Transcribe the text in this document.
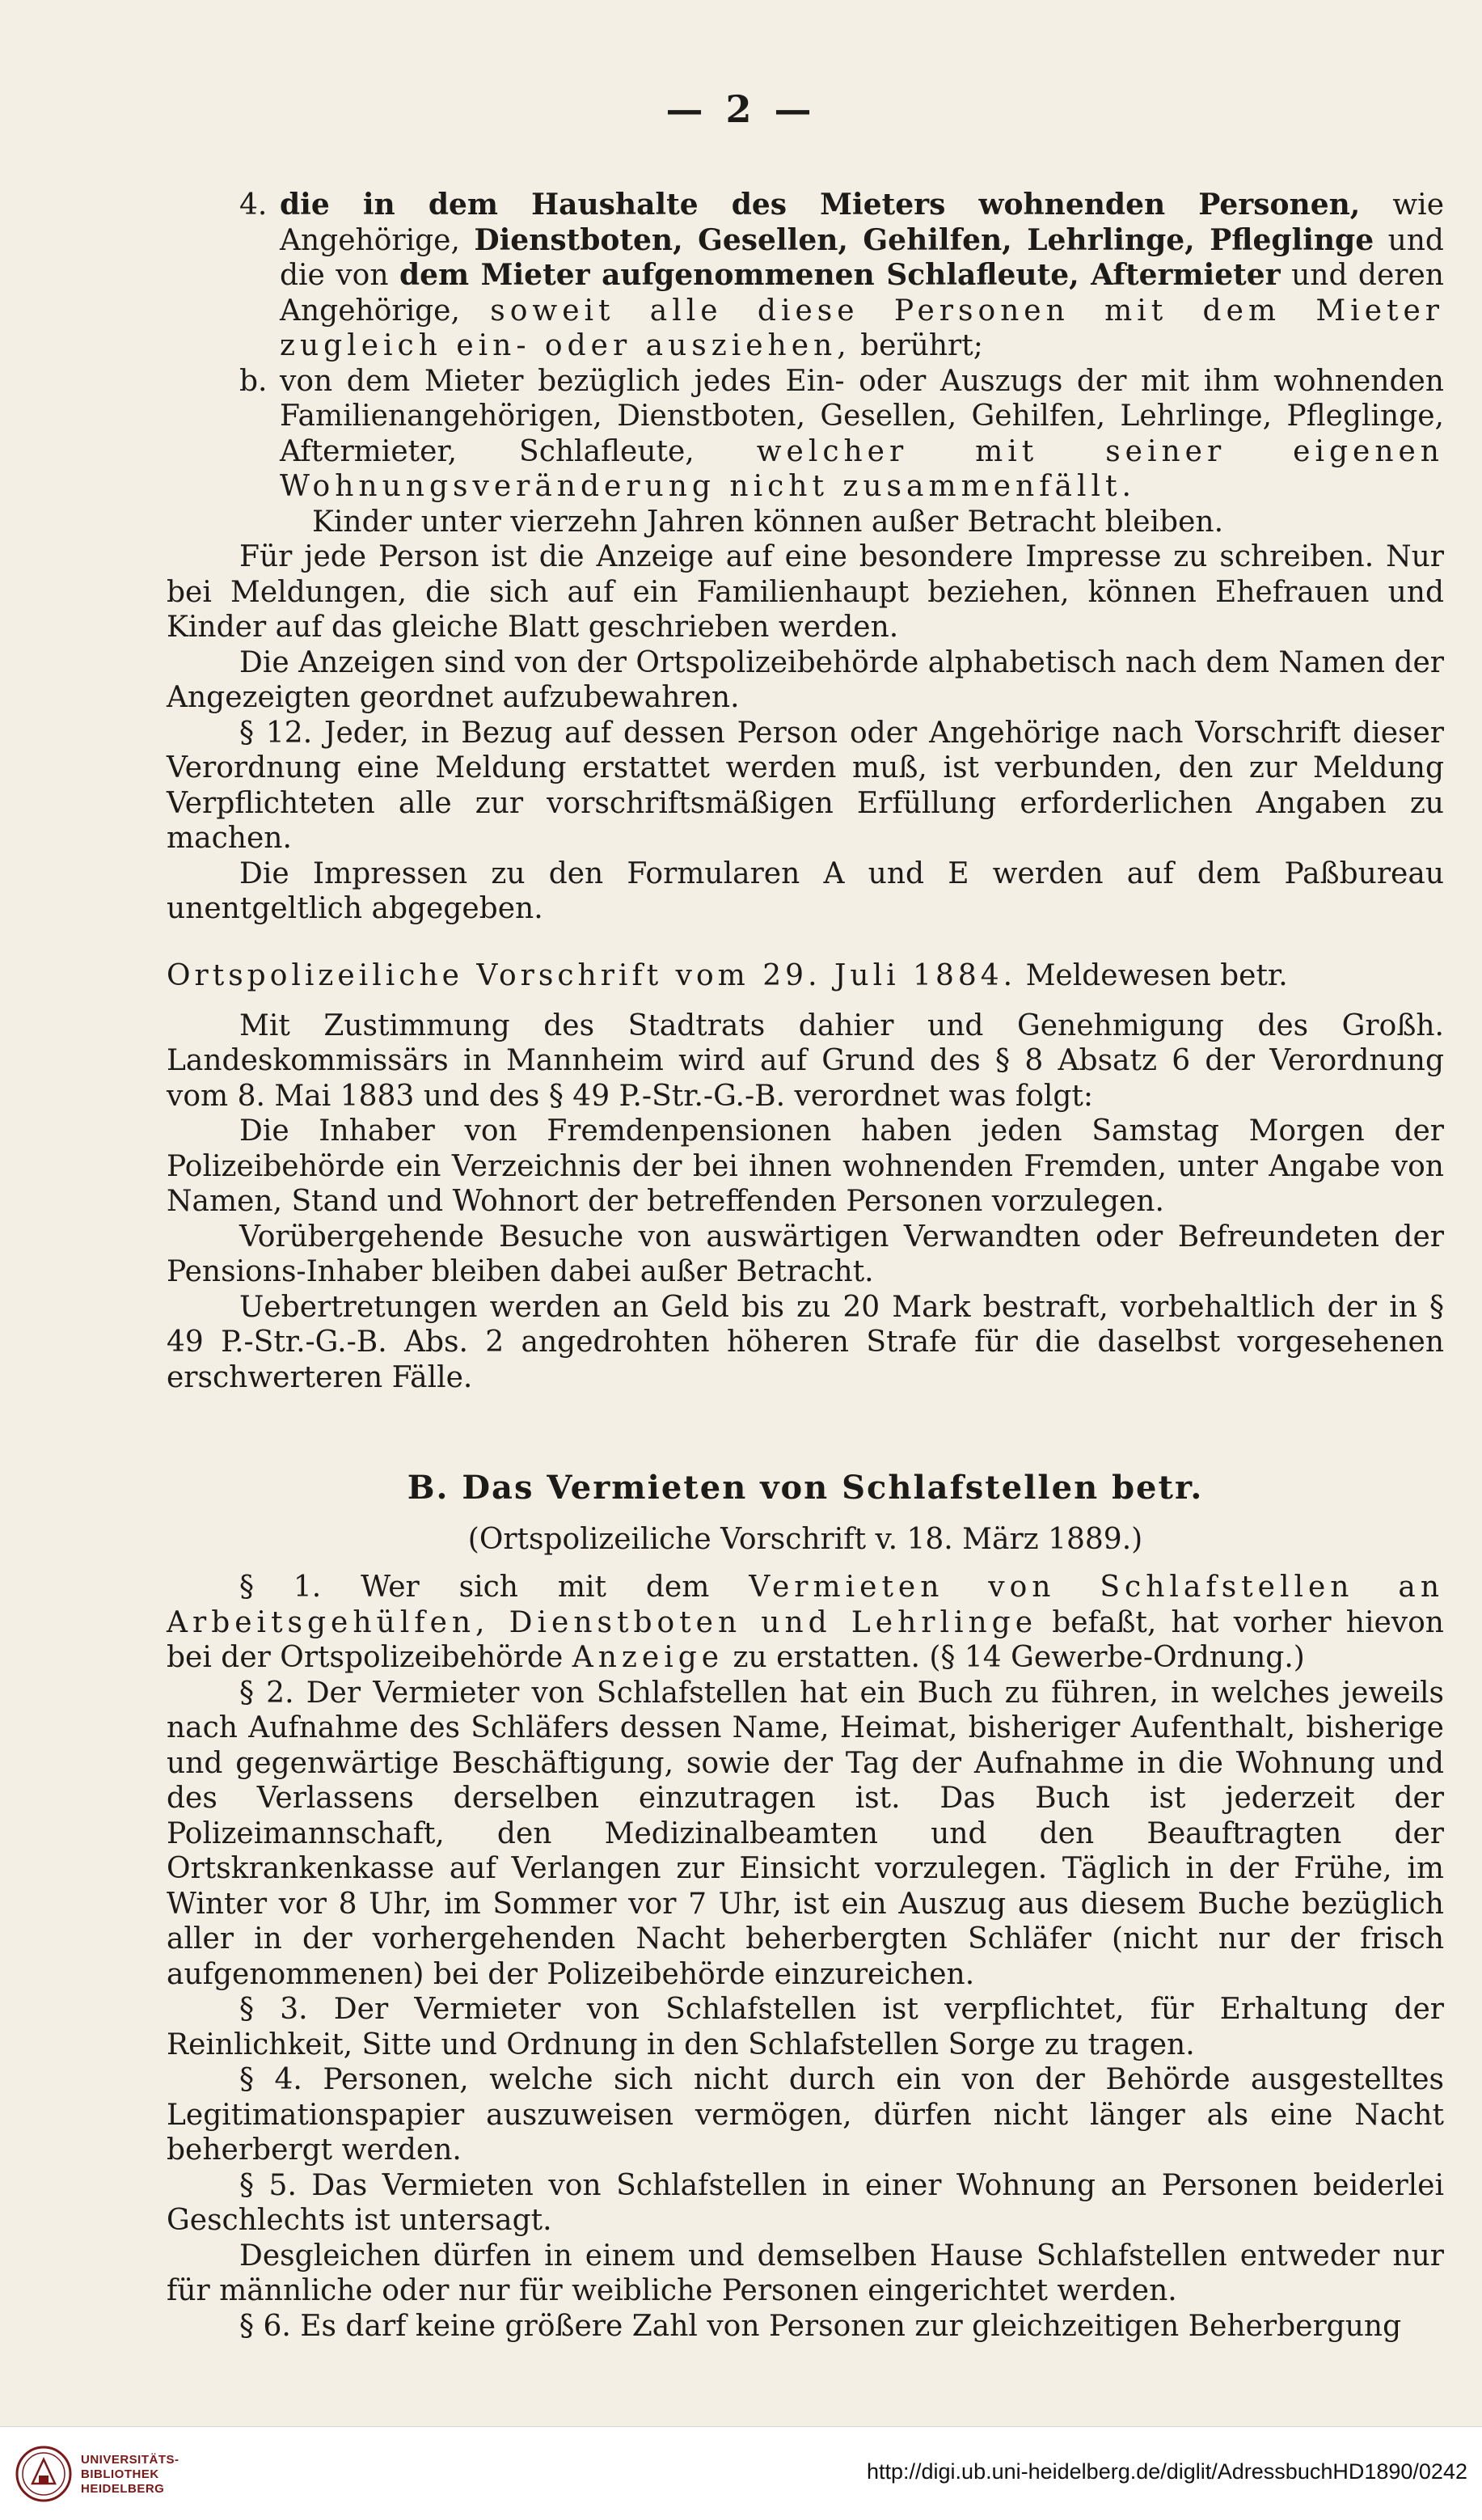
— 2 —

4. die in dem Haushalte des Mieters wohnenden Personen, wie Angehörige, Dienstboten, Gesellen, Gehilfen, Lehrlinge, Pfleglinge und die von dem Mieter aufgenommenen Schlafleute, Aftermieter und deren Angehörige, soweit alle diese Personen mit dem Mieter zugleich ein- oder ausziehen, berührt;

b. von dem Mieter bezüglich jedes Ein- oder Auszugs der mit ihm wohnenden Familienangehörigen, Dienstboten, Gesellen, Gehilfen, Lehrlinge, Pfleglinge, Aftermieter, Schlafleute, welcher mit seiner eigenen Wohnungsveränderung nicht zusammenfällt.

Kinder unter vierzehn Jahren können außer Betracht bleiben.

Für jede Person ist die Anzeige auf eine besondere Impresse zu schreiben. Nur bei Meldungen, die sich auf ein Familienhaupt beziehen, können Ehefrauen und Kinder auf das gleiche Blatt geschrieben werden.

Die Anzeigen sind von der Ortspolizeibehörde alphabetisch nach dem Namen der Angezeigten geordnet aufzubewahren.

§ 12. Jeder, in Bezug auf dessen Person oder Angehörige nach Vorschrift dieser Verordnung eine Meldung erstattet werden muß, ist verbunden, den zur Meldung Verpflichteten alle zur vorschriftsmäßigen Erfüllung erforderlichen Angaben zu machen.

Die Impressen zu den Formularen A und E werden auf dem Paßbureau unentgeltlich abgegeben.

Ortspolizeiliche Vorschrift vom 29. Juli 1884. Meldewesen betr.

Mit Zustimmung des Stadtrats dahier und Genehmigung des Großh. Landeskommissärs in Mannheim wird auf Grund des § 8 Absatz 6 der Verordnung vom 8. Mai 1883 und des § 49 P.-Str.-G.-B. verordnet was folgt:

Die Inhaber von Fremdenpensionen haben jeden Samstag Morgen der Polizeibehörde ein Verzeichnis der bei ihnen wohnenden Fremden, unter Angabe von Namen, Stand und Wohnort der betreffenden Personen vorzulegen.

Vorübergehende Besuche von auswärtigen Verwandten oder Befreundeten der Pensions-Inhaber bleiben dabei außer Betracht.

Uebertretungen werden an Geld bis zu 20 Mark bestraft, vorbehaltlich der in § 49 P.-Str.-G.-B. Abs. 2 angedrohten höheren Strafe für die daselbst vorgesehenen erschwerteren Fälle.

B. Das Vermieten von Schlafstellen betr.

(Ortspolizeiliche Vorschrift v. 18. März 1889.)

§ 1. Wer sich mit dem Vermieten von Schlafstellen an Arbeitsgehülfen, Dienstboten und Lehrlinge befaßt, hat vorher hievon bei der Ortspolizeibehörde Anzeige zu erstatten. (§ 14 Gewerbe-Ordnung.)

§ 2. Der Vermieter von Schlafstellen hat ein Buch zu führen, in welches jeweils nach Aufnahme des Schläfers dessen Name, Heimat, bisheriger Aufenthalt, bisherige und gegenwärtige Beschäftigung, sowie der Tag der Aufnahme in die Wohnung und des Verlassens derselben einzutragen ist. Das Buch ist jederzeit der Polizeimannschaft, den Medizinalbeamten und den Beauftragten der Ortskrankenkasse auf Verlangen zur Einsicht vorzulegen. Täglich in der Frühe, im Winter vor 8 Uhr, im Sommer vor 7 Uhr, ist ein Auszug aus diesem Buche bezüglich aller in der vorhergehenden Nacht beherbergten Schläfer (nicht nur der frisch aufgenommenen) bei der Polizeibehörde einzureichen.

§ 3. Der Vermieter von Schlafstellen ist verpflichtet, für Erhaltung der Reinlichkeit, Sitte und Ordnung in den Schlafstellen Sorge zu tragen.

§ 4. Personen, welche sich nicht durch ein von der Behörde ausgestelltes Legitimationspapier auszuweisen vermögen, dürfen nicht länger als eine Nacht beherbergt werden.

§ 5. Das Vermieten von Schlafstellen in einer Wohnung an Personen beiderlei Geschlechts ist untersagt.

Desgleichen dürfen in einem und demselben Hause Schlafstellen entweder nur für männliche oder nur für weibliche Personen eingerichtet werden.

§ 6. Es darf keine größere Zahl von Personen zur gleichzeitigen Beherbergung

UNIVERSITÄTS-
BIBLIOTHEK
HEIDELBERG
http://digi.ub.uni-heidelberg.de/diglit/AdressbuchHD1890/0242
